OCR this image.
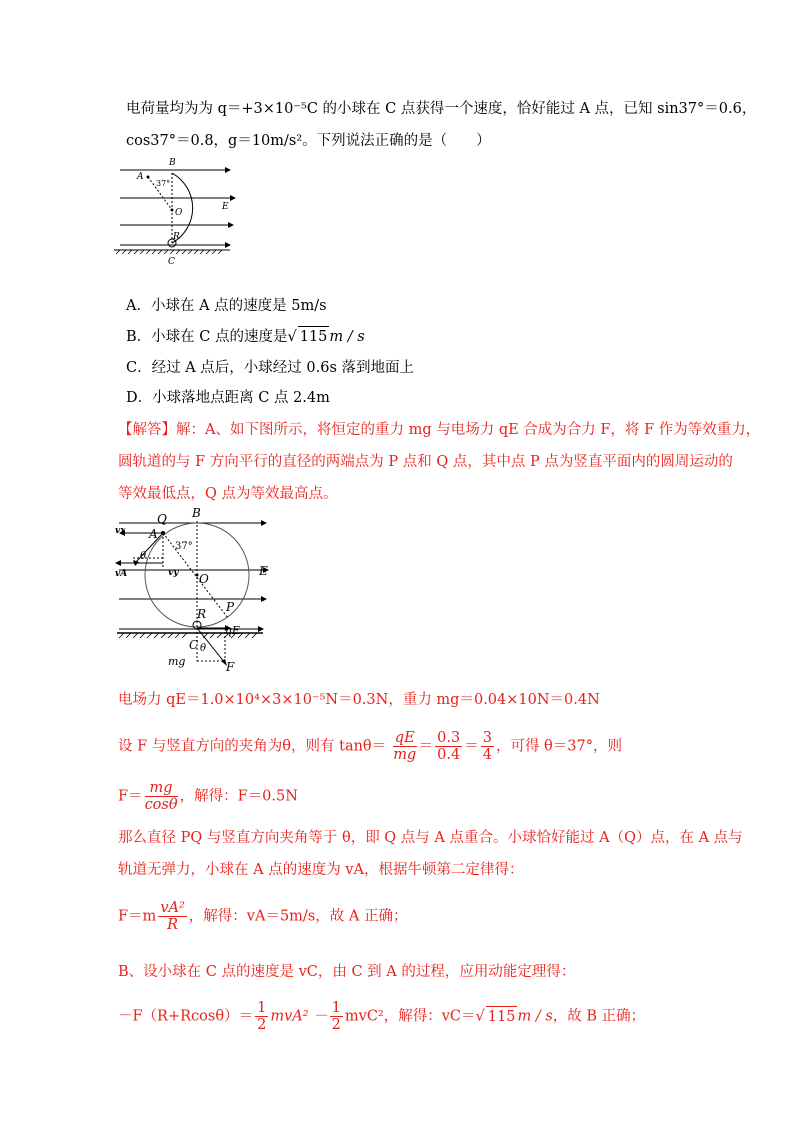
电荷量均为为 q＝+3×10⁻⁵C 的小球在 C 点获得一个速度，恰好能过 A 点，已知 sin37°＝0.6，
cos37°＝0.8，g＝10m/s²。下列说法正确的是（　　）
B
A
37°
O
E
R
C
A．小球在 A 点的速度是 5m/s
B．小球在 C 点的速度是√ 115 m / s
C．经过 A 点后，小球经过 0.6s 落到地面上
D．小球落地点距离 C 点 2.4m
【解答】解：A、如下图所示，将恒定的重力 mg 与电场力 qE 合成为合力 F，将 F 作为等效重力，
圆轨道的与 F 方向平行的直径的两端点为 P 点和 Q 点，其中点 P 点为竖直平面内的圆周运动的
等效最低点，Q 点为等效最高点。
Q B
A
vx
vA	vy
θ
37°
O
E
P
R
qE
C θ
mg	F
电场力 qE＝1.0×10⁴×3×10⁻⁵N＝0.3N，重力 mg＝0.04×10N＝0.4N
设 F 与竖直方向的夹角为θ，则有 $\tan\theta= \frac{qE}{mg} = \frac{0.3}{0.4} = \frac{3}{4}$ ，可得 θ＝37°，则
$F= \frac{mg}{\cos\theta}$ ，解得：F＝0.5N
那么直径 PQ 与竖直方向夹角等于 θ，即 Q 点与 A 点重合。小球恰好能过 A（Q）点，在 A 点与
轨道无弹力，小球在 A 点的速度为 vA，根据牛顿第二定律得：
$F=m \frac{\text{vA²}}{R}$ ，解得：vA＝5m/s，故 A 正确；
B、设小球在 C 点的速度是 vC，由 C 到 A 的过程，应用动能定理得：
$-F(R+Rcos\theta)= \frac{1}{2} mvA^2 - \frac{1}{2} mvC^2$，解得：vC＝√ 115 m / s，故 B 正确；
